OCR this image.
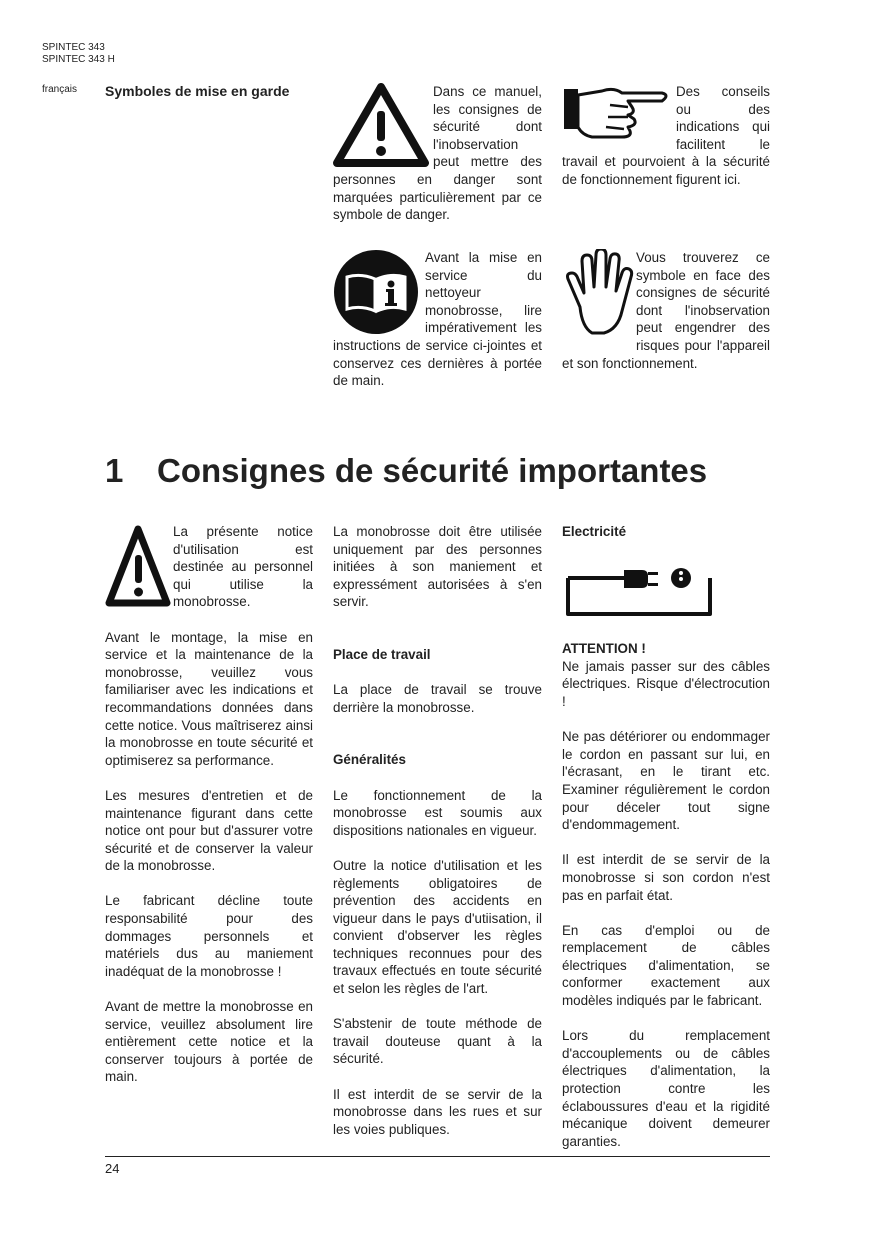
SPINTEC 343
SPINTEC 343 H
français Symboles de mise en garde	Dans ce manuel, les consignes de sécurité dont l'inobservation peut mettre des personnes en danger sont marquées particulièrement par ce symbole de danger.
Des conseils ou des indications qui facilitent le travail et pourvoient à la sécurité de fonctionnement figurent ici.
Avant la mise en service du nettoyeur monobrosse, lire impérativement les instructions de service ci-jointes et conservez ces dernières à portée de main.
Vous trouverez ce symbole en face des consignes de sécurité dont l'inobservation peut engendrer des risques pour l'appareil et son fonctionnement.
1 Consignes de sécurité importantes

La présente notice d'utilisation est destinée au personnel qui utilise la monobrosse.

Avant le montage, la mise en service et la maintenance de la monobrosse, veuillez vous familiariser avec les indications et recommandations données dans cette notice. Vous maîtriserez ainsi la monobrosse en toute sécurité et optimiserez sa performance.

Les mesures d'entretien et de maintenance figurant dans cette notice ont pour but d'assurer votre sécurité et de conserver la valeur de la monobrosse.

Le fabricant décline toute responsabilité pour des dommages personnels et matériels dus au maniement inadéquat de la monobrosse !

Avant de mettre la monobrosse en service, veuillez absolument lire entièrement cette notice et la conserver toujours à portée de main.

La monobrosse doit être utilisée uniquement par des personnes initiées à son maniement et expressément autorisées à s'en servir.

Place de travail

La place de travail se trouve derrière la monobrosse.

Généralités

Le fonctionnement de la monobrosse est soumis aux dispositions nationales en vigueur.

Outre la notice d'utilisation et les règlements obligatoires de prévention des accidents en vigueur dans le pays d'utiisation, il convient d'observer les règles techniques reconnues pour des travaux effectués en toute sécurité et selon les règles de l'art.

S'abstenir de toute méthode de travail douteuse quant à la sécurité.

Il est interdit de se servir de la monobrosse dans les rues et sur les voies publiques.

Electricité

ATTENTION !

Ne jamais passer sur des câbles électriques. Risque d'électrocution !

Ne pas détériorer ou endommager le cordon en passant sur lui, en l'écrasant, en le tirant etc. Examiner régulièrement le cordon pour déceler tout signe d'endommagement.

Il est interdit de se servir de la monobrosse si son cordon n'est pas en parfait état.

En cas d'emploi ou de remplacement de câbles électriques d'alimentation, se conformer exactement aux modèles indiqués par le fabricant.

Lors du remplacement d'accouplements ou de câbles électriques d'alimentation, la protection contre les éclaboussures d'eau et la rigidité mécanique doivent demeurer garanties.

24
